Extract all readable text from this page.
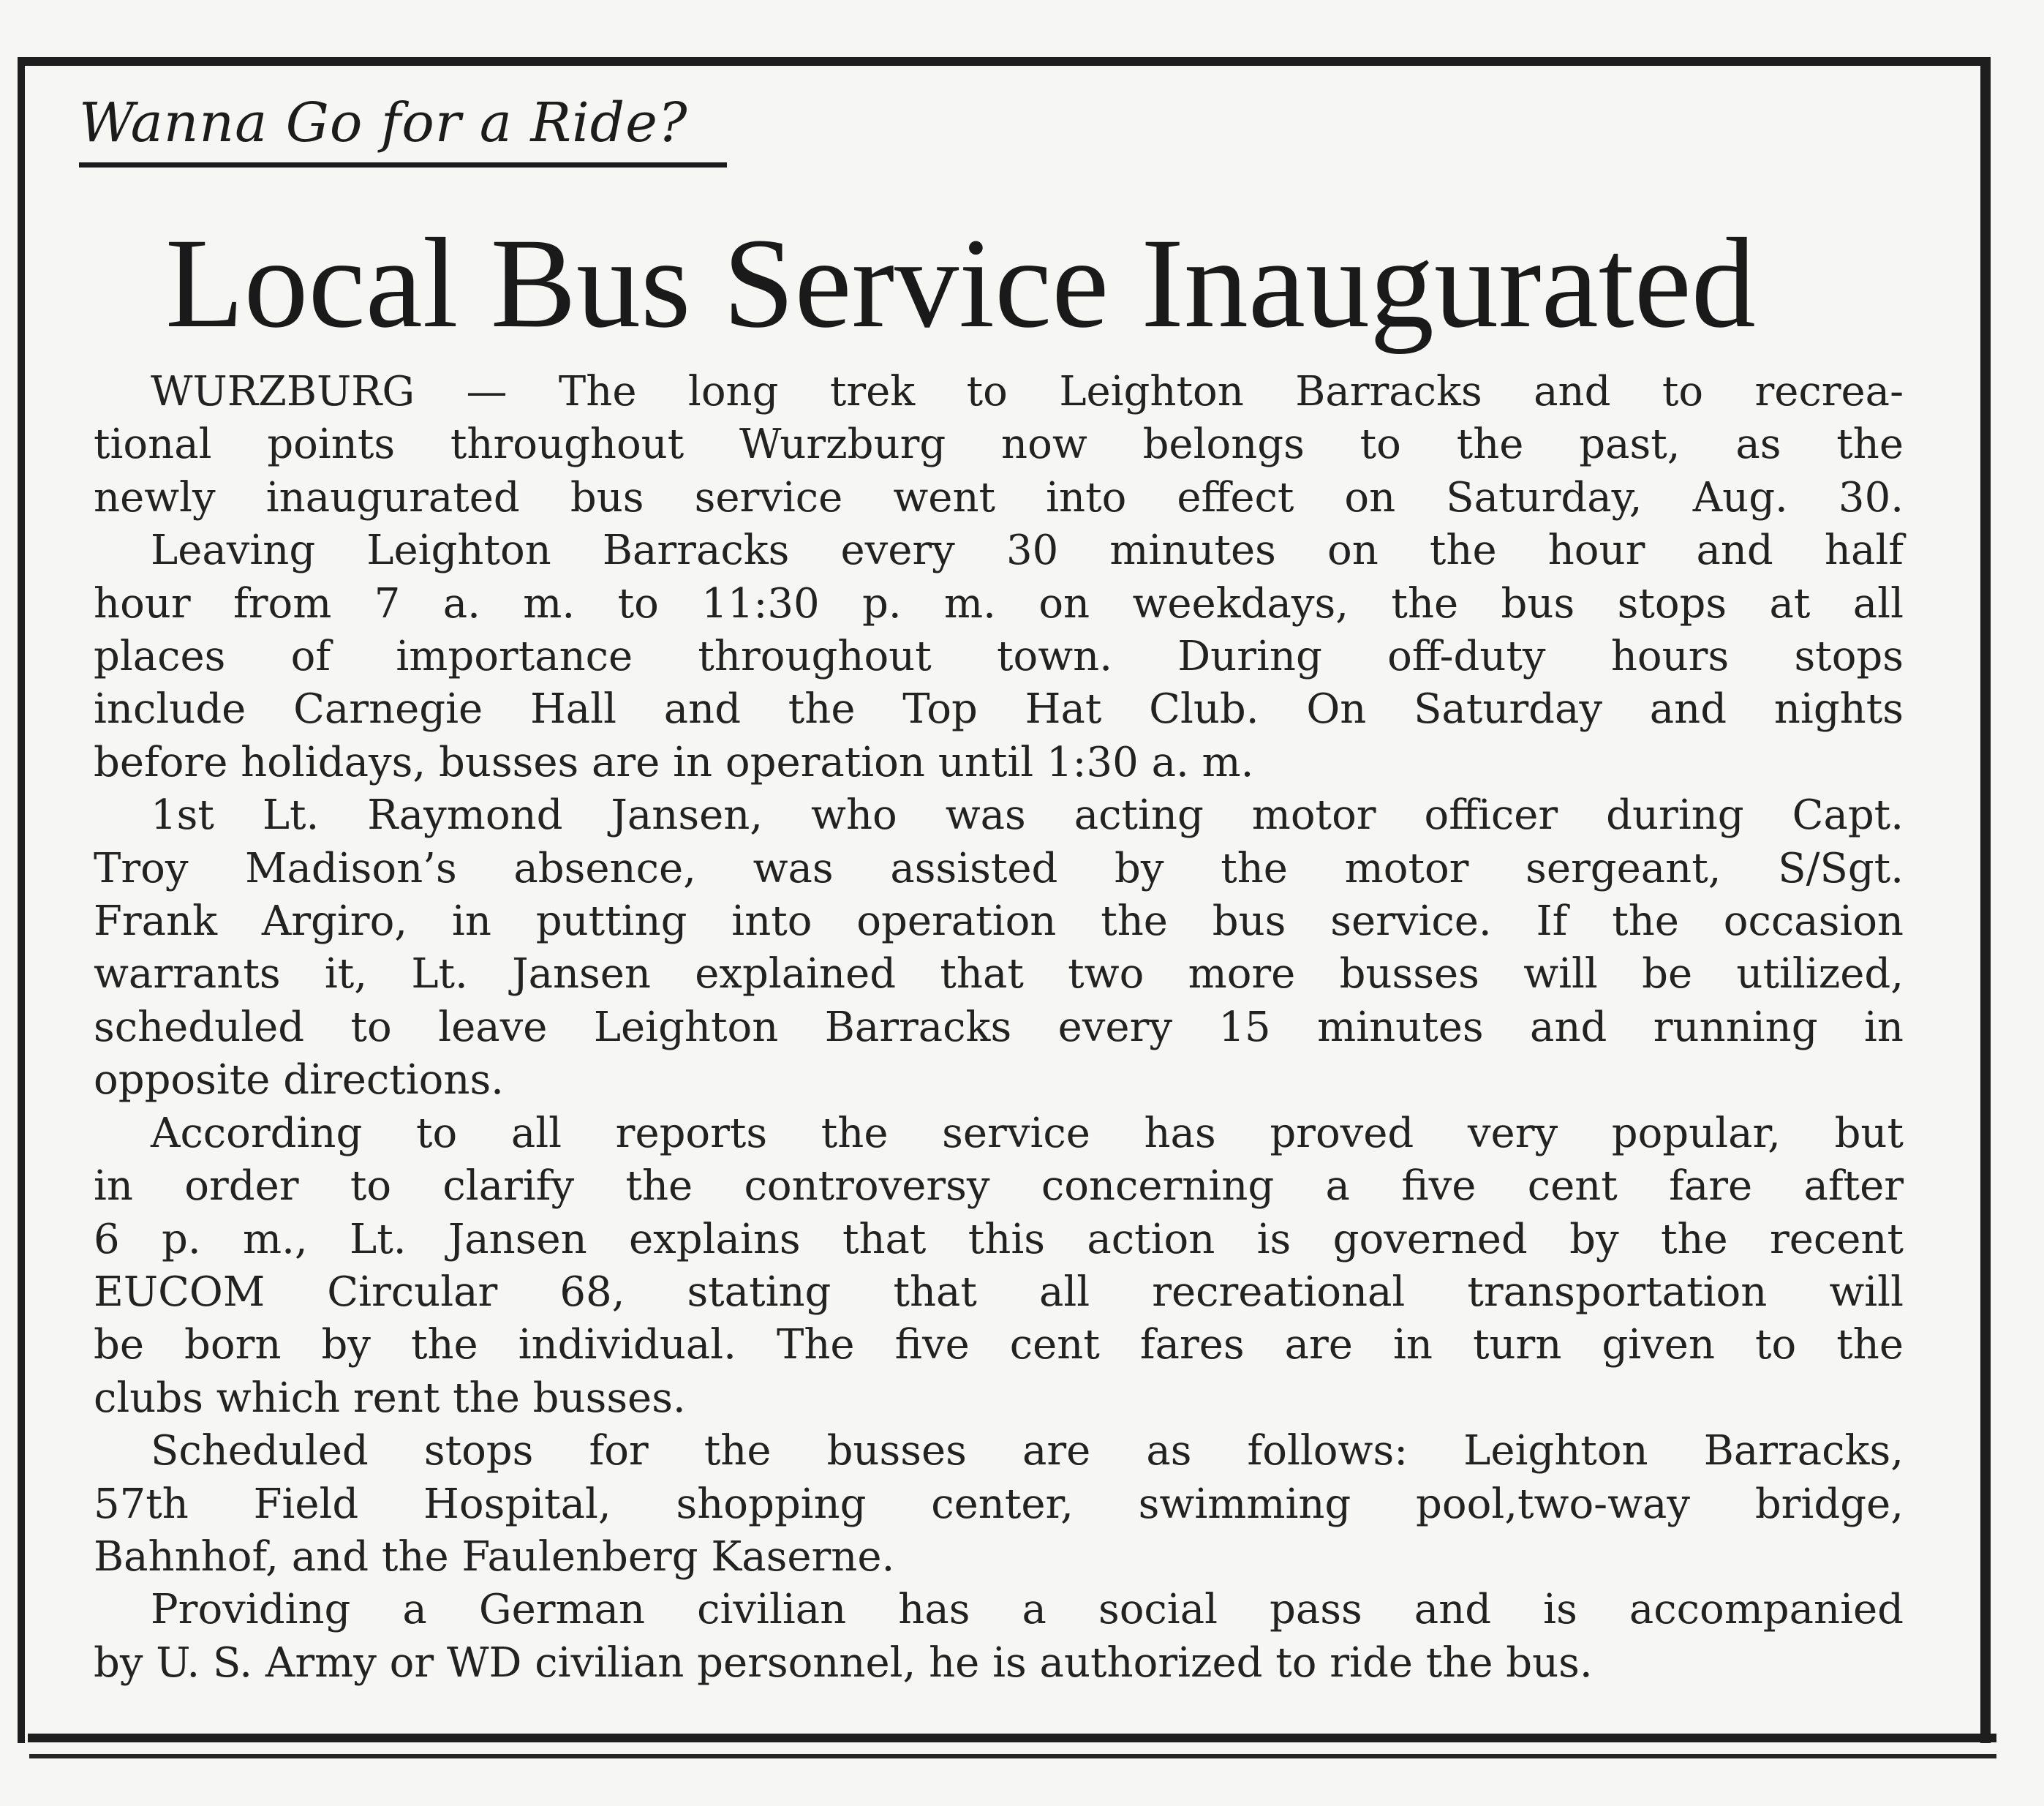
Wanna Go for a Ride?
Local Bus Service Inaugurated
WURZBURG — The long trek to Leighton Barracks and to recrea-
tional points throughout Wurzburg now belongs to the past, as the
newly inaugurated bus service went into effect on Saturday, Aug. 30.
Leaving Leighton Barracks every 30 minutes on the hour and half
hour from 7 a. m. to 11:30 p. m. on weekdays, the bus stops at all
places of importance throughout town. During off-duty hours stops
include Carnegie Hall and the Top Hat Club. On Saturday and nights
before holidays, busses are in operation until 1:30 a. m.
1st Lt. Raymond Jansen, who was acting motor officer during Capt.
Troy Madison’s absence, was assisted by the motor sergeant, S/Sgt.
Frank Argiro, in putting into operation the bus service. If the occasion
warrants it, Lt. Jansen explained that two more busses will be utilized,
scheduled to leave Leighton Barracks every 15 minutes and running in
opposite directions.
According to all reports the service has proved very popular, but
in order to clarify the controversy concerning a five cent fare after
6 p. m., Lt. Jansen explains that this action is governed by the recent
EUCOM Circular 68, stating that all recreational transportation will
be born by the individual. The five cent fares are in turn given to the
clubs which rent the busses.
Scheduled stops for the busses are as follows: Leighton Barracks,
57th Field Hospital, shopping center, swimming pool,two-way bridge,
Bahnhof, and the Faulenberg Kaserne.
Providing a German civilian has a social pass and is accompanied
by U. S. Army or WD civilian personnel, he is authorized to ride the bus.
